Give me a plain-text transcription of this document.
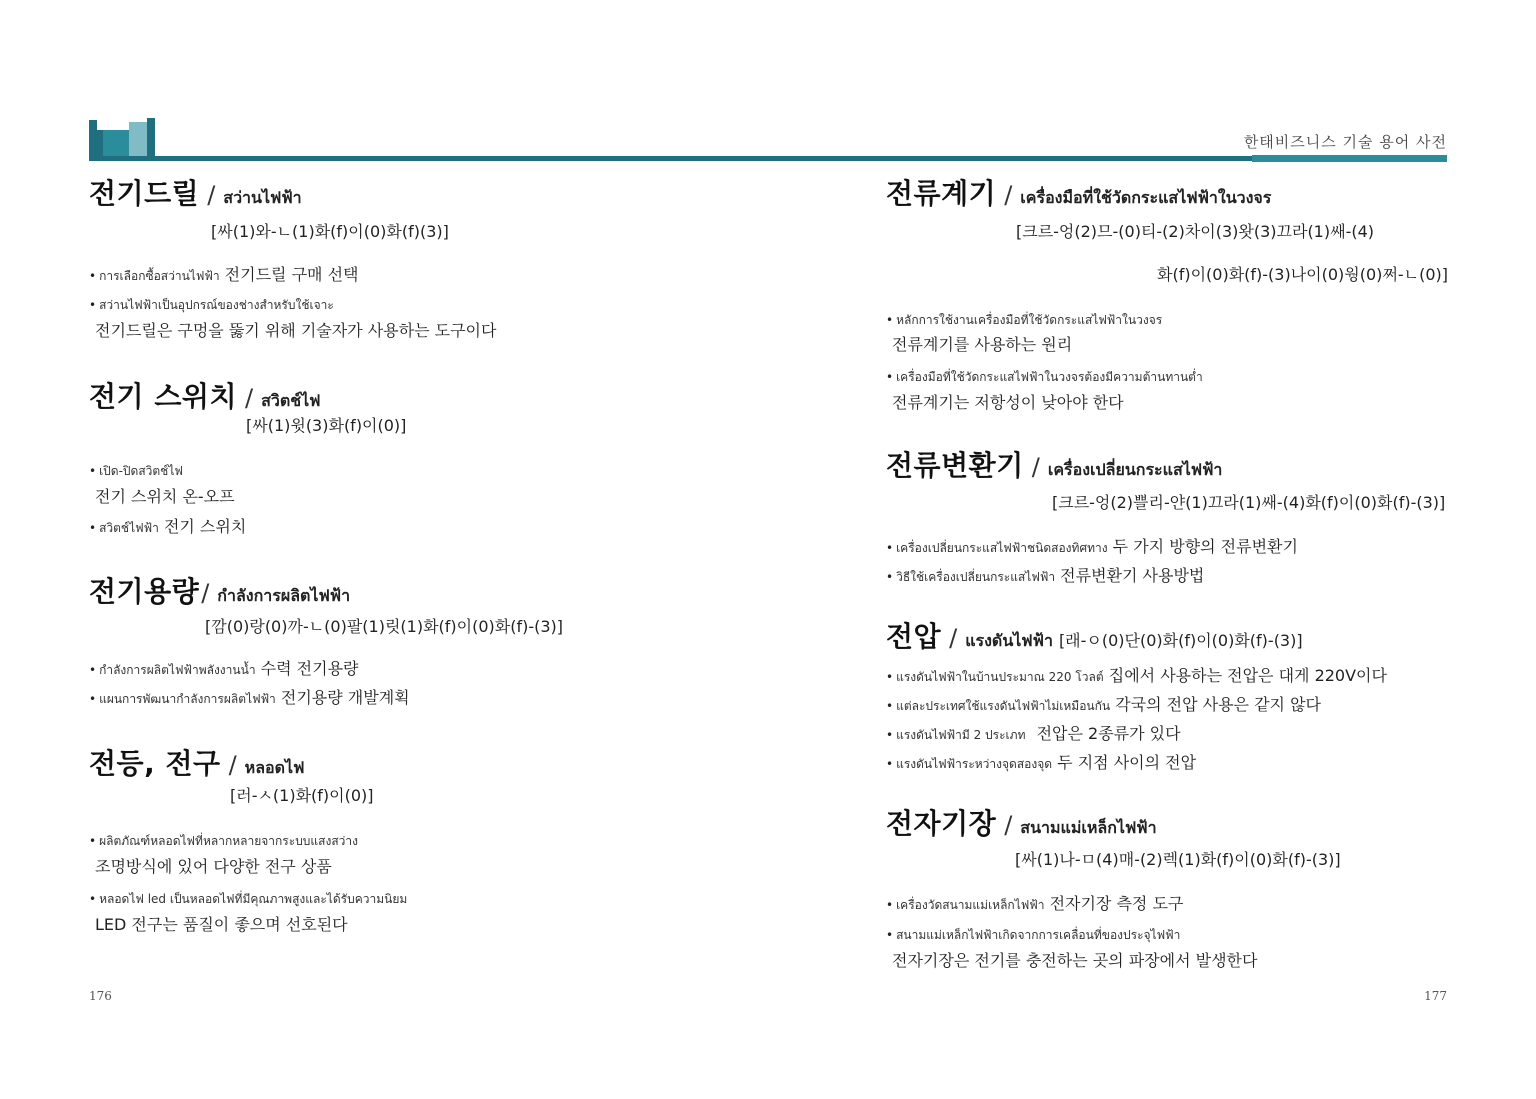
한태비즈니스 기술 용어 사전
전기드릴 / สว่านไฟฟ้า
[싸(1)와-ㄴ(1)화(f)이(0)화(f)(3)]
• การเลือกซื้อสว่านไฟฟ้า 전기드릴 구매 선택
• สว่านไฟฟ้าเป็นอุปกรณ์ของช่างสำหรับใช้เจาะ
전기드릴은 구멍을 뚫기 위해 기술자가 사용하는 도구이다
전기 스위치 / สวิตช์ไฟ
[싸(1)윗(3)화(f)이(0)]
• เปิด-ปิดสวิตช์ไฟ
전기 스위치 온-오프
• สวิตช์ไฟฟ้า 전기 스위치
전기용량 / กำลังการผลิตไฟฟ้า
[깜(0)랑(0)까-ㄴ(0)팔(1)릿(1)화(f)이(0)화(f)-(3)]
• กำลังการผลิตไฟฟ้าพลังงานน้ำ 수력 전기용량
• แผนการพัฒนากำลังการผลิตไฟฟ้า 전기용량 개발계획
전등, 전구 / หลอดไฟ
[러-ㅅ(1)화(f)이(0)]
• ผลิตภัณฑ์หลอดไฟที่หลากหลายจากระบบแสงสว่าง
조명방식에 있어 다양한 전구 상품
• หลอดไฟ led เป็นหลอดไฟที่มีคุณภาพสูงและได้รับความนิยม
LED 전구는 품질이 좋으며 선호된다
전류계기 / เครื่องมือที่ใช้วัดกระแสไฟฟ้าในวงจร
[크르-엉(2)므-(0)티-(2)차이(3)왓(3)끄라(1)쌔-(4)
화(f)이(0)화(f)-(3)나이(0)웡(0)쩌-ㄴ(0)]
• หลักการใช้งานเครื่องมือที่ใช้วัดกระแสไฟฟ้าในวงจร
전류계기를 사용하는 원리
• เครื่องมือที่ใช้วัดกระแสไฟฟ้าในวงจรต้องมีความต้านทานต่ำ
전류계기는 저항성이 낮아야 한다
전류변환기 / เครื่องเปลี่ยนกระแสไฟฟ้า
[크르-엉(2)쁠리-얀(1)끄라(1)쌔-(4)화(f)이(0)화(f)-(3)]
• เครื่องเปลี่ยนกระแสไฟฟ้าชนิดสองทิศทาง 두 가지 방향의 전류변환기
• วิธีใช้เครื่องเปลี่ยนกระแสไฟฟ้า 전류변환기 사용방법
전압 / แรงดันไฟฟ้า [래-ㅇ(0)단(0)화(f)이(0)화(f)-(3)]
• แรงดันไฟฟ้าในบ้านประมาณ 220 โวลต์ 집에서 사용하는 전압은 대게 220V이다
• แต่ละประเทศใช้แรงดันไฟฟ้าไม่เหมือนกัน 각국의 전압 사용은 같지 않다
• แรงดันไฟฟ้ามี 2 ประเภท 전압은 2종류가 있다
• แรงดันไฟฟ้าระหว่างจุดสองจุด 두 지점 사이의 전압
전자기장 / สนามแม่เหล็กไฟฟ้า
[싸(1)나-ㅁ(4)매-(2)렉(1)화(f)이(0)화(f)-(3)]
• เครื่องวัดสนามแม่เหล็กไฟฟ้า 전자기장 측정 도구
• สนามแม่เหล็กไฟฟ้าเกิดจากการเคลื่อนที่ของประจุไฟฟ้า
전자기장은 전기를 충전하는 곳의 파장에서 발생한다
176	177
